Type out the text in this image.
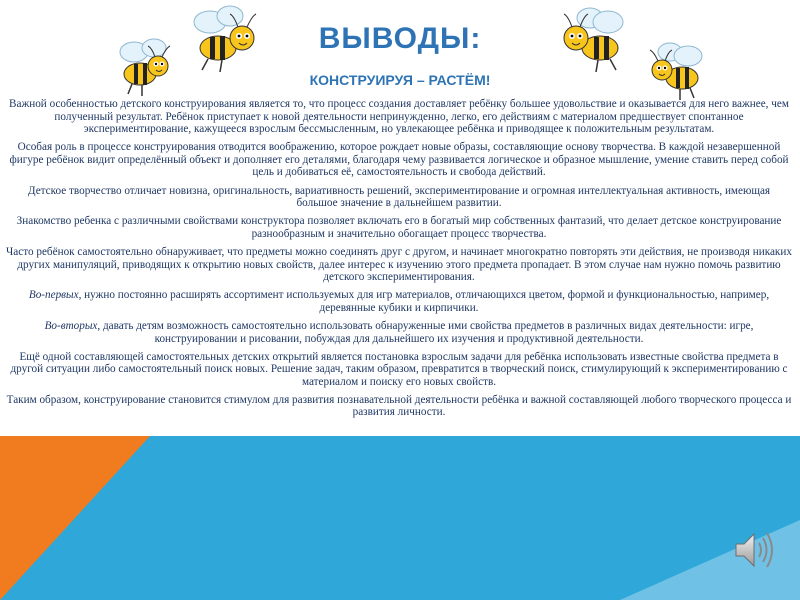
ВЫВОДЫ:
КОНСТРУИРУЯ – РАСТЁМ!

Важной особенностью детского конструирования является то, что процесс создания доставляет ребёнку большее удовольствие и оказывается для него важнее, чем полученный результат. Ребёнок приступает к новой деятельности непринужденно, легко, его действиям с материалом предшествует спонтанное экспериментирование, кажущееся взрослым бессмысленным, но увлекающее ребёнка и приводящее к положительным результатам.

Особая роль в процессе конструирования отводится воображению, которое рождает новые образы, составляющие основу творчества. В каждой незавершенной фигуре ребёнок видит определённый объект и дополняет его деталями, благодаря чему развивается логическое и образное мышление, умение ставить перед собой цель и добиваться её, самостоятельность и свобода действий.

Детское творчество отличает новизна, оригинальность, вариативность решений, экспериментирование и огромная интеллектуальная активность, имеющая большое значение в дальнейшем развитии.

Знакомство ребенка с различными свойствами конструктора позволяет включать его в богатый мир собственных фантазий, что делает детское конструирование разнообразным и значительно обогащает процесс творчества.

Часто ребёнок самостоятельно обнаруживает, что предметы можно соединять друг с другом, и начинает многократно повторять эти действия, не производя никаких других манипуляций, приводящих к открытию новых свойств, далее интерес к изучению этого предмета пропадает. В этом случае нам нужно помочь развитию детского экспериментирования.

Во-первых, нужно постоянно расширять ассортимент используемых для игр материалов, отличающихся цветом, формой и функциональностью, например, деревянные кубики и кирпичики.

Во-вторых, давать детям возможность самостоятельно использовать обнаруженные ими свойства предметов в различных видах деятельности: игре, конструировании и рисовании, побуждая для дальнейшего их изучения и продуктивной деятельности.

Ещё одной составляющей самостоятельных детских открытий является постановка взрослым задачи для ребёнка использовать известные свойства предмета в другой ситуации либо самостоятельный поиск новых. Решение задач, таким образом, превратится в творческий поиск, стимулирующий к экспериментированию с материалом и поиску его новых свойств.

Таким образом, конструирование становится стимулом для развития познавательной деятельности ребёнка и важной составляющей любого творческого процесса и развития личности.
